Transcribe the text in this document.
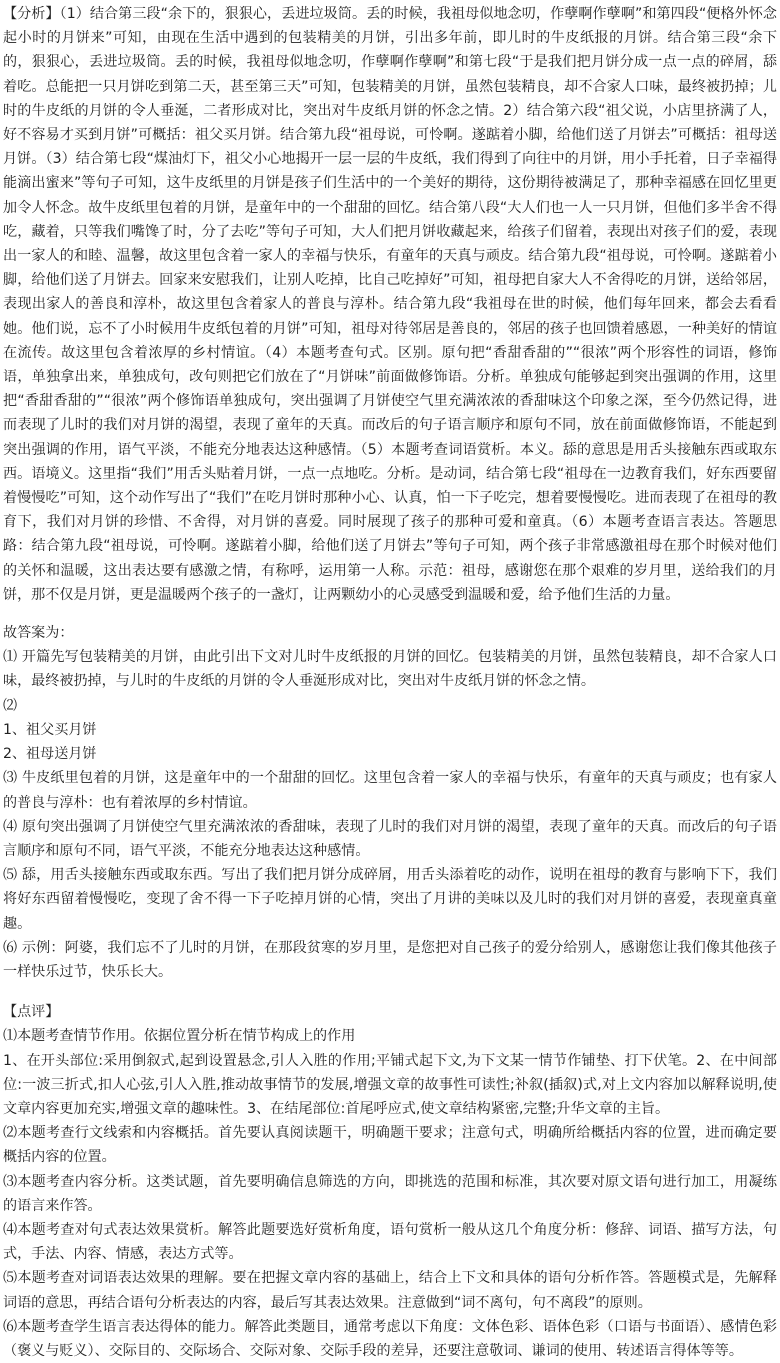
【分析】（1）结合第三段“余下的，狠狠心，丢进垃圾筒。丢的时候，我祖母似地念叨，作孽啊作孽啊”和第四段“便格外怀念起小时的月饼来”可知，由现在生活中遇到的包装精美的月饼，引出多年前，即儿时的牛皮纸报的月饼。结合第三段“余下的，狠狠心，丢进垃圾筒。丢的时候，我祖母似地念叨，作孽啊作孽啊”和第七段“于是我们把月饼分成一点一点的碎屑，舔着吃。总能把一只月饼吃到第二天，甚至第三天”可知，包装精美的月饼，虽然包装精良，却不合家人口味，最终被扔掉；儿时的牛皮纸的月饼的令人垂涎，二者形成对比，突出对牛皮纸月饼的怀念之情。2）结合第六段“祖父说，小店里挤满了人，好不容易才买到月饼”可概括：祖父买月饼。结合第九段“祖母说，可怜啊。遂踮着小脚，给他们送了月饼去”可概括：祖母送月饼。（3）结合第七段“煤油灯下，祖父小心地揭开一层一层的牛皮纸，我们得到了向往中的月饼，用小手托着，日子幸福得能滴出蜜来”等句子可知，这牛皮纸里的月饼是孩子们生活中的一个美好的期待，这份期待被满足了，那种幸福感在回忆里更加令人怀念。故牛皮纸里包着的月饼，是童年中的一个甜甜的回忆。结合第八段“大人们也一人一只月饼，但他们多半舍不得吃，藏着，只等我们嘴馋了时，分了去吃”等句子可知，大人们把月饼收藏起来，给孩子们留着，表现出对孩子们的爱，表现出一家人的和睦、温馨，故这里包含着一家人的幸福与快乐，有童年的天真与顽皮。结合第九段“祖母说，可怜啊。遂踮着小脚，给他们送了月饼去。回家来安慰我们，让别人吃掉，比自己吃掉好”可知，祖母把自家大人不舍得吃的月饼，送给邻居，表现出家人的善良和淳朴，故这里包含着家人的普良与淳朴。结合第九段“我祖母在世的时候，他们每年回来，都会去看看她。他们说，忘不了小时候用牛皮纸包着的月饼”可知，祖母对待邻居是善良的，邻居的孩子也回馈着感恩，一种美好的情谊在流传。故这里包含着浓厚的乡村情谊。（4）本题考查句式。区别。原句把“香甜香甜的”“很浓”两个形容性的词语，修饰语，单独拿出来，单独成句，改句则把它们放在了“月饼味”前面做修饰语。分析。单独成句能够起到突出强调的作用，这里把“香甜香甜的”“很浓”两个修饰语单独成句，突出强调了月饼使空气里充满浓浓的香甜味这个印象之深，至今仍然记得，进而表现了儿时的我们对月饼的渴望，表现了童年的天真。而改后的句子语言顺序和原句不同，放在前面做修饰语，不能起到突出强调的作用，语气平淡，不能充分地表达这种感情。（5）本题考查词语赏析。本义。舔的意思是用舌头接触东西或取东西。语境义。这里指“我们”用舌头贴着月饼，一点一点地吃。分析。是动词，结合第七段“祖母在一边教育我们，好东西要留着慢慢吃”可知，这个动作写出了“我们”在吃月饼时那种小心、认真，怕一下子吃完，想着要慢慢吃。进而表现了在祖母的教育下，我们对月饼的珍惜、不舍得，对月饼的喜爱。同时展现了孩子的那种可爱和童真。（6）本题考查语言表达。答题思路：结合第九段“祖母说，可怜啊。遂踮着小脚，给他们送了月饼去”等句子可知，两个孩子非常感激祖母在那个时候对他们的关怀和温暖，这出表达要有感激之情，有称呼，运用第一人称。示范：祖母，感谢您在那个艰难的岁月里，送给我们的月饼，那不仅是月饼，更是温暖两个孩子的一盏灯，让两颗幼小的心灵感受到温暖和爱，给予他们生活的力量。

故答案为：
⑴ 开篇先写包装精美的月饼，由此引出下文对儿时牛皮纸报的月饼的回忆。包装精美的月饼，虽然包装精良，却不合家人口味，最终被扔掉，与儿时的牛皮纸的月饼的令人垂涎形成对比，突出对牛皮纸月饼的怀念之情。
⑵
1、祖父买月饼
2、祖母送月饼
⑶ 牛皮纸里包着的月饼，这是童年中的一个甜甜的回忆。这里包含着一家人的幸福与快乐，有童年的天真与顽皮；也有家人的普良与淳朴：也有着浓厚的乡村情谊。
⑷ 原句突出强调了月饼使空气里充满浓浓的香甜味，表现了儿时的我们对月饼的渴望，表现了童年的天真。而改后的句子语言顺序和原句不同，语气平淡，不能充分地表达这种感情。
⑸ 舔，用舌头接触东西或取东西。写出了我们把月饼分成碎屑，用舌头添着吃的动作，说明在祖母的教育与影响下下，我们将好东西留着慢慢吃，变现了舍不得一下子吃掉月饼的心情，突出了月讲的美味以及儿时的我们对月饼的喜爱，表现童真童趣。
⑹ 示例：阿婆，我们忘不了儿时的月饼，在那段贫寒的岁月里，是您把对自己孩子的爱分给别人，感谢您让我们像其他孩子一样快乐过节，快乐长大。
【点评】
⑴本题考查情节作用。依据位置分析在情节构成上的作用
1、在开头部位:采用倒叙式,起到设置悬念,引人入胜的作用;平铺式起下文,为下文某一情节作铺垫、打下伏笔。2、在中间部位:一波三折式,扣人心弦,引人入胜,推动故事情节的发展,增强文章的故事性可读性;补叙(插叙)式,对上文内容加以解释说明,使文章内容更加充实,增强文章的趣味性。3、在结尾部位:首尾呼应式,使文章结构紧密,完整;升华文章的主旨。
⑵本题考查行文线索和内容概括。首先要认真阅读题干，明确题干要求；注意句式，明确所给概括内容的位置，进而确定要概括内容的位置。
⑶本题考查内容分析。这类试题，首先要明确信息筛选的方向，即挑选的范围和标准，其次要对原文语句进行加工，用凝练的语言来作答。
⑷本题考查对句式表达效果赏析。解答此题要选好赏析角度，语句赏析一般从这几个角度分析：修辞、词语、描写方法，句式，手法、内容、情感，表达方式等。
⑸本题考查对词语表达效果的理解。要在把握文章内容的基础上，结合上下文和具体的语句分析作答。答题模式是，先解释词语的意思，再结合语句分析表达的内容，最后写其表达效果。注意做到“词不离句，句不离段”的原则。
⑹本题考查学生语言表达得体的能力。解答此类题目，通常考虑以下角度：文体色彩、语体色彩（口语与书面语）、感情色彩（褒义与贬义）、交际目的、交际场合、交际对象、交际手段的差异，还要注意敬词、谦词的使用、转述语言得体等等。
